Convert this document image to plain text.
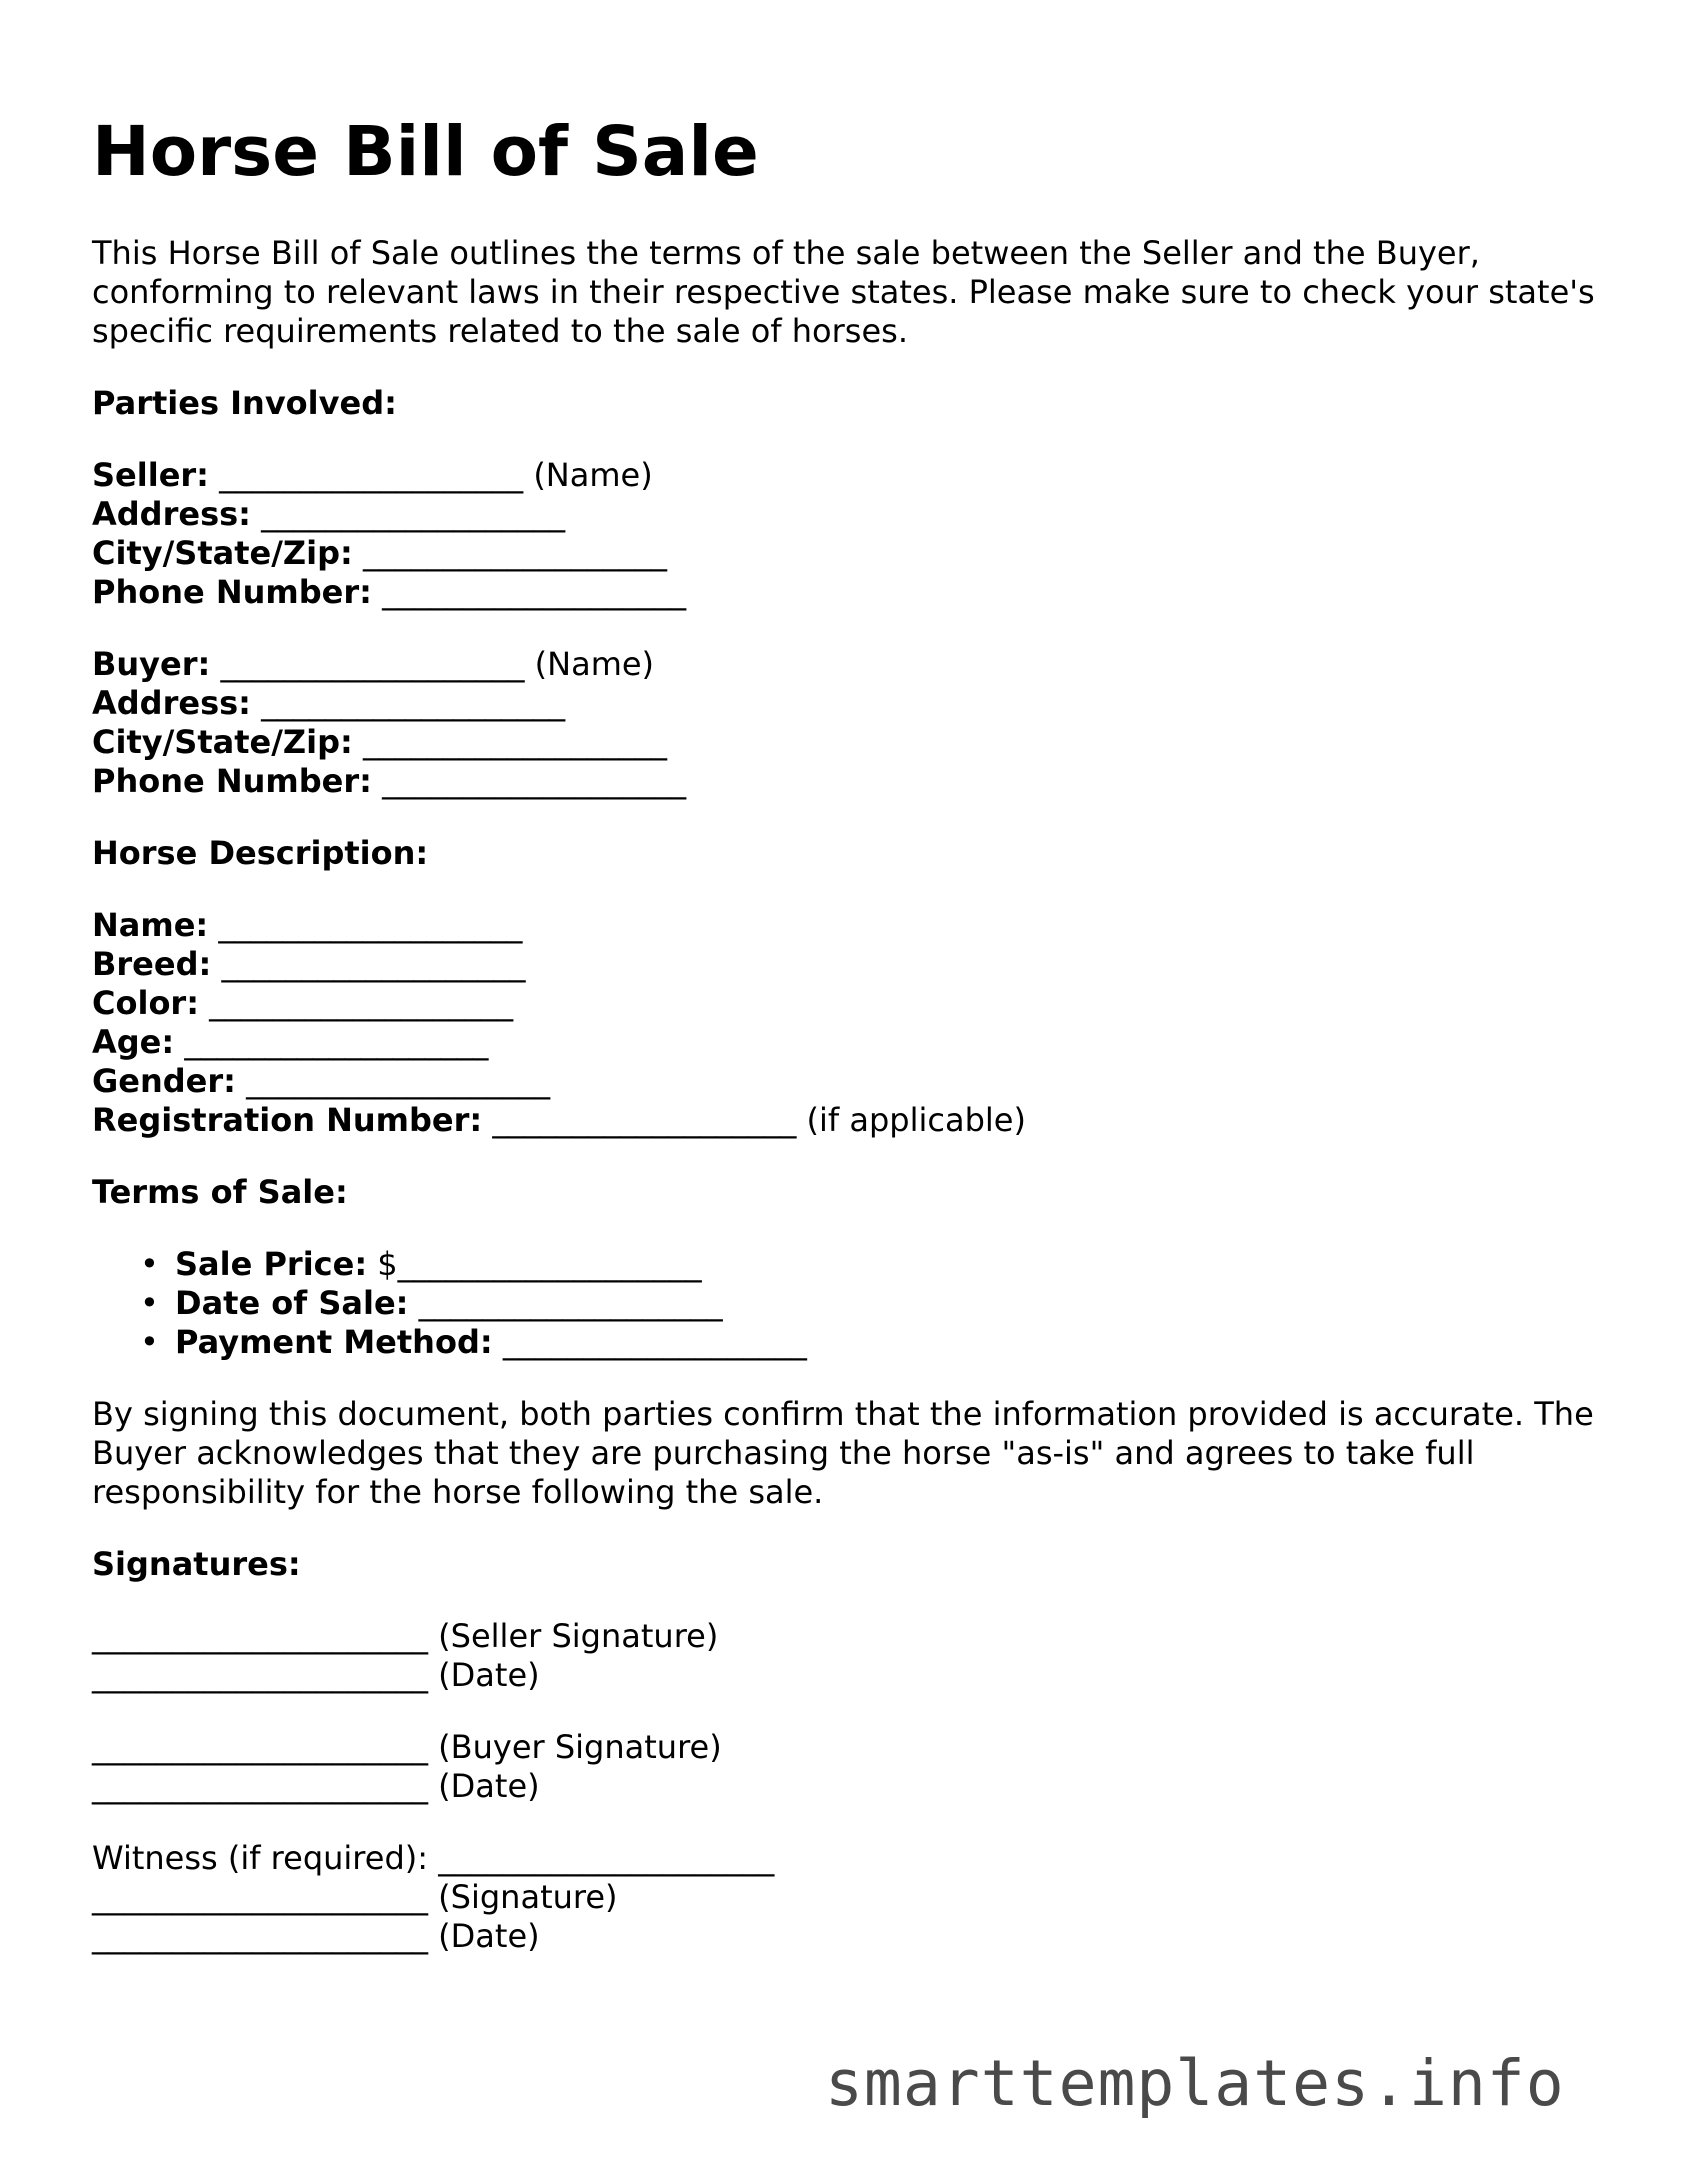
Horse Bill of Sale

This Horse Bill of Sale outlines the terms of the sale between the Seller and the Buyer, conforming to relevant laws in their respective states. Please make sure to check your state's specific requirements related to the sale of horses.

Parties Involved:
Seller: ___________________ (Name)
Address: ___________________
City/State/Zip: ___________________
Phone Number: ___________________
Buyer: ___________________ (Name)
Address: ___________________
City/State/Zip: ___________________
Phone Number: ___________________
Horse Description:
Name: ___________________
Breed: ___________________
Color: ___________________
Age: ___________________
Gender: ___________________
Registration Number: ___________________ (if applicable)
Terms of Sale:
• Sale Price: $___________________
• Date of Sale: ___________________
• Payment Method: ___________________

By signing this document, both parties confirm that the information provided is accurate. The Buyer acknowledges that they are purchasing the horse "as-is" and agrees to take full responsibility for the horse following the sale.

Signatures:
_____________________ (Seller Signature)
_____________________ (Date)
_____________________ (Buyer Signature)
_____________________ (Date)
Witness (if required): _____________________
_____________________ (Signature)
_____________________ (Date)
smarttemplates.info
